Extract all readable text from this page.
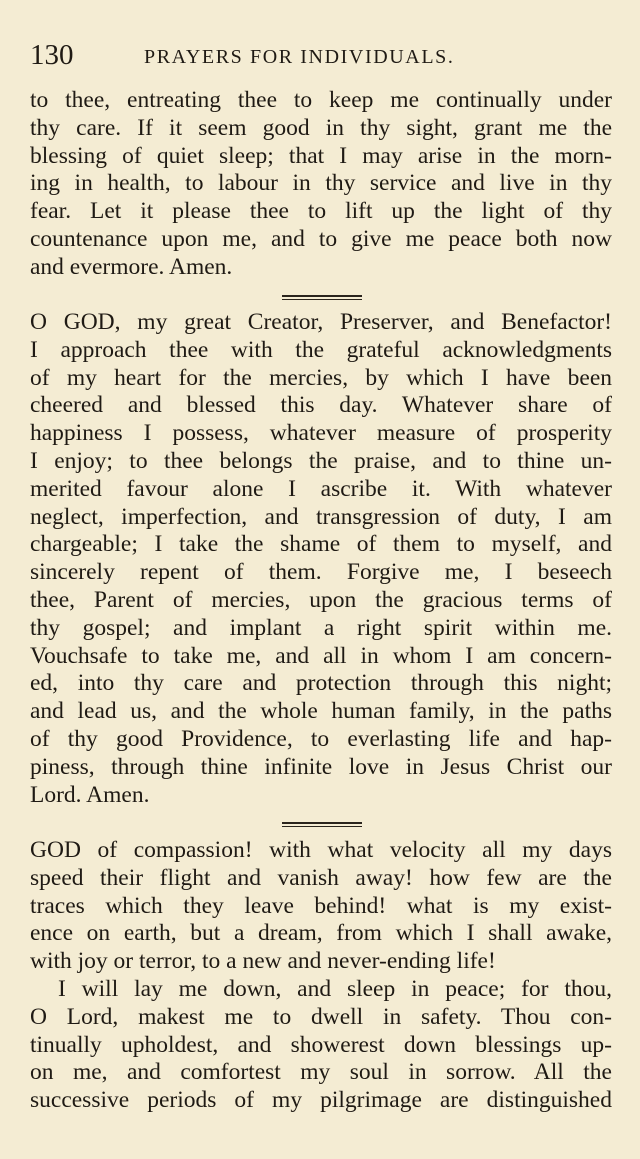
130	PRAYERS FOR INDIVIDUALS.
to thee, entreating thee to keep me continually under
thy care. If it seem good in thy sight, grant me the
blessing of quiet sleep; that I may arise in the morn-
ing in health, to labour in thy service and live in thy
fear. Let it please thee to lift up the light of thy
countenance upon me, and to give me peace both now
and evermore. Amen.
O GOD, my great Creator, Preserver, and Benefactor!
I approach thee with the grateful acknowledgments
of my heart for the mercies, by which I have been
cheered and blessed this day. Whatever share of
happiness I possess, whatever measure of prosperity
I enjoy; to thee belongs the praise, and to thine un-
merited favour alone I ascribe it. With whatever
neglect, imperfection, and transgression of duty, I am
chargeable; I take the shame of them to myself, and
sincerely repent of them. Forgive me, I beseech
thee, Parent of mercies, upon the gracious terms of
thy gospel; and implant a right spirit within me.
Vouchsafe to take me, and all in whom I am concern-
ed, into thy care and protection through this night;
and lead us, and the whole human family, in the paths
of thy good Providence, to everlasting life and hap-
piness, through thine infinite love in Jesus Christ our
Lord. Amen.
GOD of compassion! with what velocity all my days
speed their flight and vanish away! how few are the
traces which they leave behind! what is my exist-
ence on earth, but a dream, from which I shall awake,
with joy or terror, to a new and never-ending life!
I will lay me down, and sleep in peace; for thou,
O Lord, makest me to dwell in safety. Thou con-
tinually upholdest, and showerest down blessings up-
on me, and comfortest my soul in sorrow. All the
successive periods of my pilgrimage are distinguished
